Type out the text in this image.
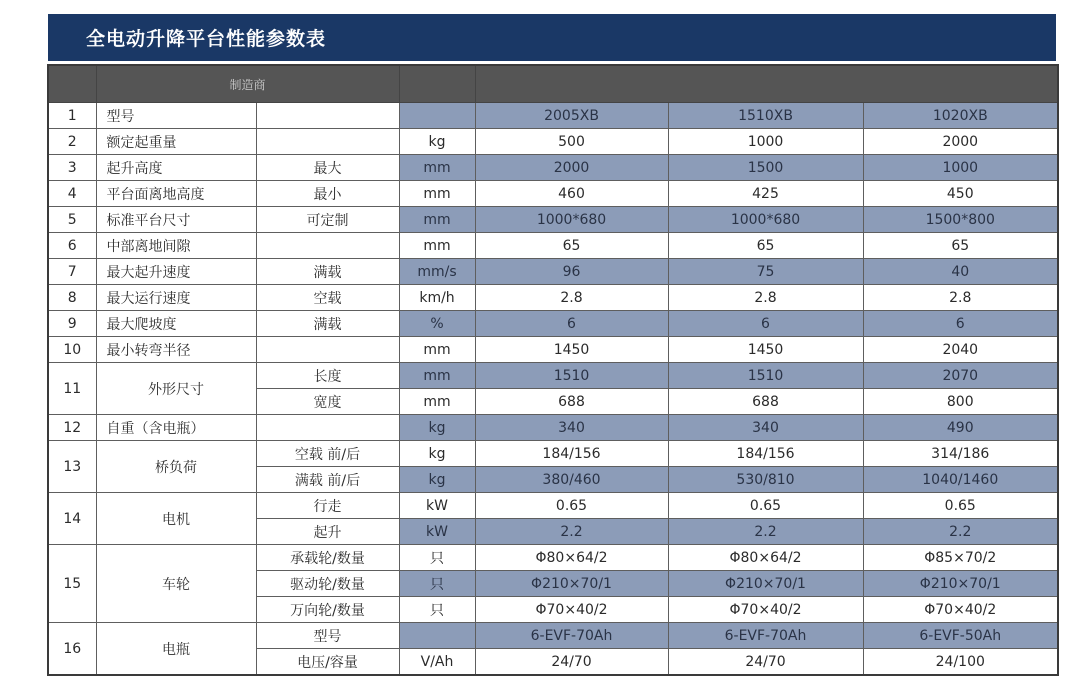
全电动升降平台性能参数表
	制造商					
1	型号			2005XB	1510XB	1020XB
2	额定起重量		kg	500	1000	2000
3	起升高度	最大	mm	2000	1500	1000
4	平台面离地高度	最小	mm	460	425	450
5	标准平台尺寸	可定制	mm	1000*680	1000*680	1500*800
6	中部离地间隙		mm	65	65	65
7	最大起升速度	满载	mm/s	96	75	40
8	最大运行速度	空载	km/h	2.8	2.8	2.8
9	最大爬坡度	满载	%	6	6	6
10	最小转弯半径		mm	1450	1450	2040
11	外形尺寸	长度	mm	1510	1510	2070
		宽度	mm	688	688	800
12	自重（含电瓶）		kg	340	340	490
13	桥负荷	空载 前/后	kg	184/156	184/156	314/186
		满载 前/后	kg	380/460	530/810	1040/1460
14	电机	行走	kW	0.65	0.65	0.65
		起升	kW	2.2	2.2	2.2
15	车轮	承载轮/数量	只	Φ80×64/2	Φ80×64/2	Φ85×70/2
		驱动轮/数量	只	Φ210×70/1	Φ210×70/1	Φ210×70/1
		万向轮/数量	只	Φ70×40/2	Φ70×40/2	Φ70×40/2
16	电瓶	型号		6-EVF-70Ah	6-EVF-70Ah	6-EVF-50Ah
		电压/容量	V/Ah	24/70	24/70	24/100
